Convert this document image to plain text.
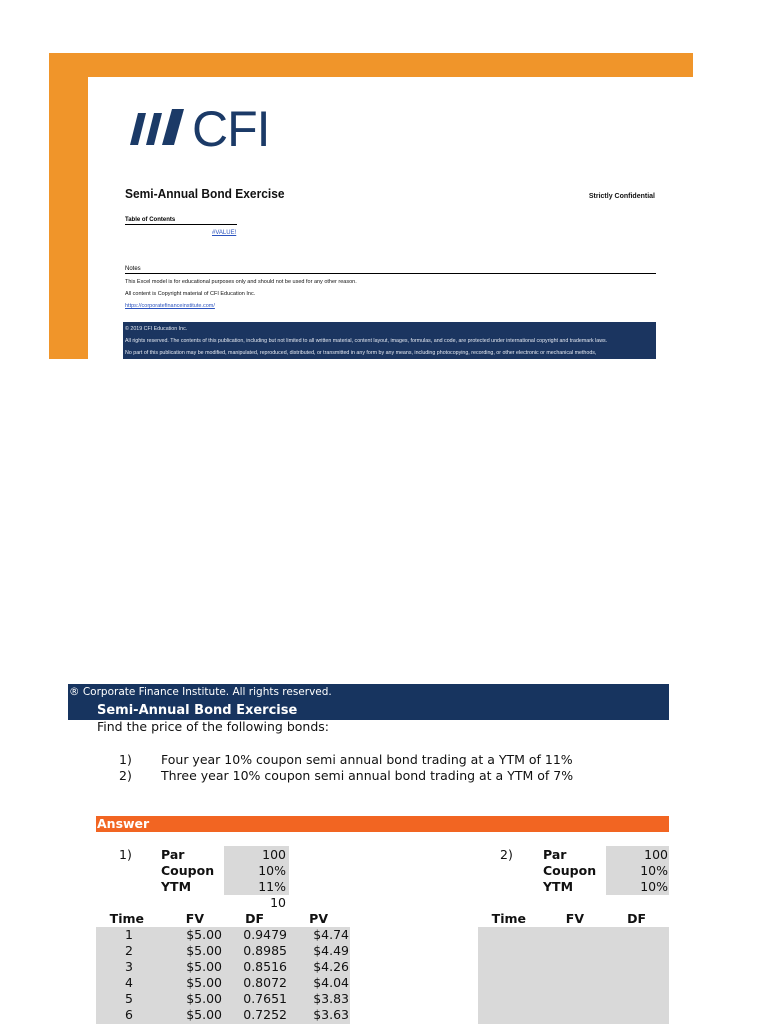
CFI
Semi-Annual Bond Exercise	Strictly Confidential
Table of Contents
#VALUE!
Notes
This Excel model is for educational purposes only and should not be used for any other reason.
All content is Copyright material of CFI Education Inc.
https://corporatefinanceinstitute.com/
© 2019 CFI Education Inc.
All rights reserved. The contents of this publication, including but not limited to all written material, content layout, images, formulas, and code, are protected under international copyright and trademark laws.
No part of this publication may be modified, manipulated, reproduced, distributed, or transmitted in any form by any means, including photocopying, recording, or other electronic or mechanical methods,
® Corporate Finance Institute. All rights reserved.
Semi-Annual Bond Exercise
Find the price of the following bonds:
1) Four year 10% coupon semi annual bond trading at a YTM of 11%
2) Three year 10% coupon semi annual bond trading at a YTM of 7%
Answer
1) Par	100
Coupon	10%
YTM	11%
10
Time	FV	DF	PV
1	$5.00	0.9479	$4.74
2	$5.00	0.8985	$4.49
3	$5.00	0.8516	$4.26
4	$5.00	0.8072	$4.04
5	$5.00	0.7651	$3.83
6	$5.00	0.7252	$3.63
2) Par	100
Coupon	10%
YTM	10%
Time	FV	DF
